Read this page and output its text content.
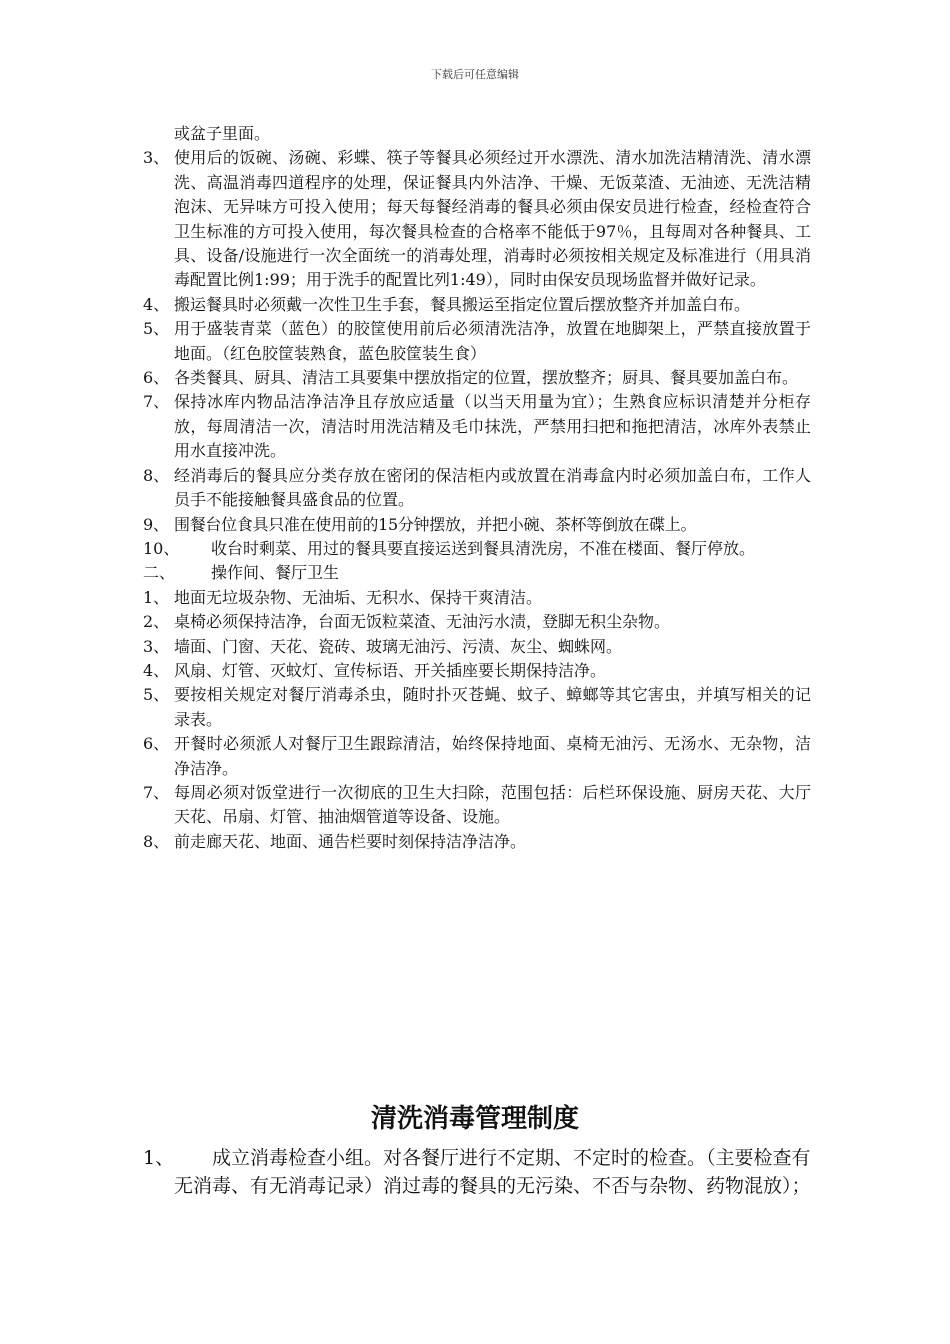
下载后可任意编辑
或盆子里面。
3、 使用后的饭碗、汤碗、彩蝶、筷子等餐具必须经过开水漂洗、清水加洗洁精清洗、清水漂洗、高温消毒四道程序的处理，保证餐具内外洁净、干燥、无饭菜渣、无油迹、无洗洁精泡沫、无异味方可投入使用；每天每餐经消毒的餐具必须由保安员进行检查，经检查符合卫生标准的方可投入使用，每次餐具检查的合格率不能低于97％，且每周对各种餐具、工具、设备/设施进行一次全面统一的消毒处理，消毒时必须按相关规定及标准进行（用具消毒配置比例1:99；用于洗手的配置比列1:49），同时由保安员现场监督并做好记录。
4、 搬运餐具时必须戴一次性卫生手套，餐具搬运至指定位置后摆放整齐并加盖白布。
5、 用于盛装青菜（蓝色）的胶筐使用前后必须清洗洁净，放置在地脚架上，严禁直接放置于地面。（红色胶筐装熟食，蓝色胶筐装生食）
6、 各类餐具、厨具、清洁工具要集中摆放指定的位置，摆放整齐；厨具、餐具要加盖白布。
7、 保持冰库内物品洁净洁净且存放应适量（以当天用量为宜）；生熟食应标识清楚并分柜存放，每周清洁一次，清洁时用洗洁精及毛巾抹洗，严禁用扫把和拖把清洁，冰库外表禁止用水直接冲洗。
8、 经消毒后的餐具应分类存放在密闭的保洁柜内或放置在消毒盒内时必须加盖白布，工作人员手不能接触餐具盛食品的位置。
9、 围餐台位食具只准在使用前的15分钟摆放，并把小碗、茶杯等倒放在碟上。
10、 收台时剩菜、用过的餐具要直接运送到餐具清洗房，不准在楼面、餐厅停放。
二、 操作间、餐厅卫生
1、 地面无垃圾杂物、无油垢、无积水、保持干爽清洁。
2、 桌椅必须保持洁净，台面无饭粒菜渣、无油污水渍，登脚无积尘杂物。
3、 墙面、门窗、天花、瓷砖、玻璃无油污、污渍、灰尘、蜘蛛网。
4、 风扇、灯管、灭蚊灯、宣传标语、开关插座要长期保持洁净。
5、 要按相关规定对餐厅消毒杀虫，随时扑灭苍蝇、蚊子、蟑螂等其它害虫，并填写相关的记录表。
6、 开餐时必须派人对餐厅卫生跟踪清洁，始终保持地面、桌椅无油污、无汤水、无杂物，洁净洁净。
7、 每周必须对饭堂进行一次彻底的卫生大扫除，范围包括：后栏环保设施、厨房天花、大厅天花、吊扇、灯管、抽油烟管道等设备、设施。
8、 前走廊天花、地面、通告栏要时刻保持洁净洁净。
清洗消毒管理制度
1、	成立消毒检查小组。对各餐厅进行不定期、不定时的检查。（主要检查有无消毒、有无消毒记录）消过毒的餐具的无污染、不否与杂物、药物混放）；
